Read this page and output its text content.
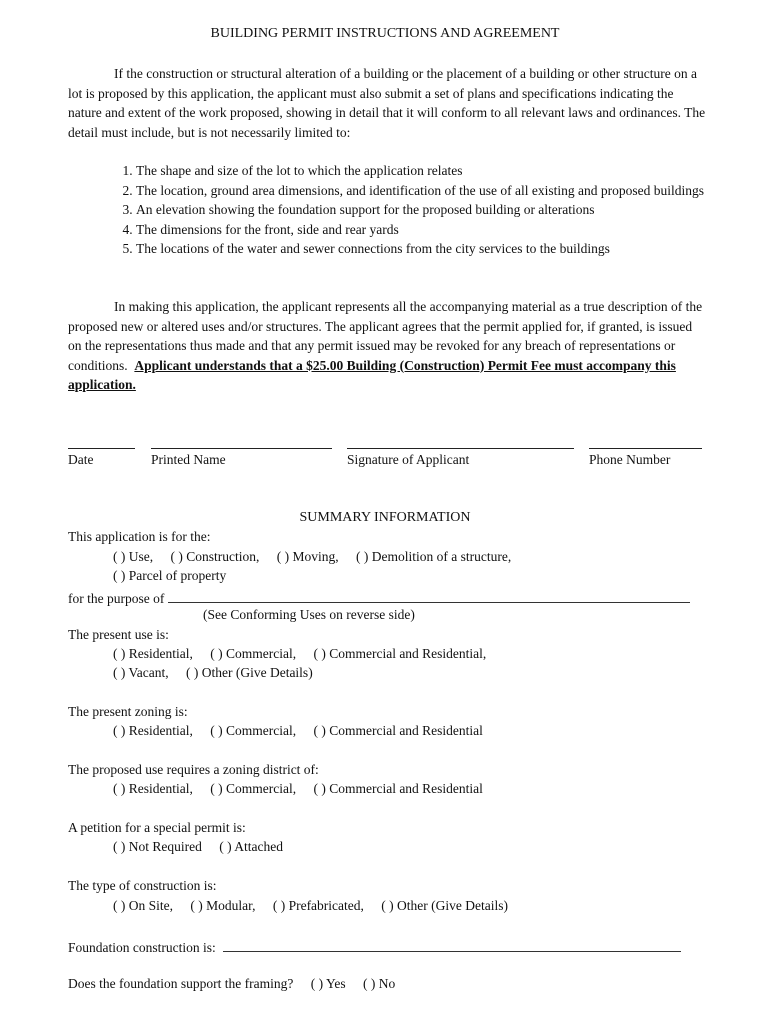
BUILDING PERMIT INSTRUCTIONS AND AGREEMENT

If the construction or structural alteration of a building or the placement of a building or other structure on a lot is proposed by this application, the applicant must also submit a set of plans and specifications indicating the nature and extent of the work proposed, showing in detail that it will conform to all relevant laws and ordinances. The detail must include, but is not necessarily limited to:

1. The shape and size of the lot to which the application relates
2. The location, ground area dimensions, and identification of the use of all existing and proposed buildings
3. An elevation showing the foundation support for the proposed building or alterations
4. The dimensions for the front, side and rear yards
5. The locations of the water and sewer connections from the city services to the buildings

In making this application, the applicant represents all the accompanying material as a true description of the proposed new or altered uses and/or structures. The applicant agrees that the permit applied for, if granted, is issued on the representations thus made and that any permit issued may be revoked for any breach of representations or conditions. Applicant understands that a $25.00 Building (Construction) Permit Fee must accompany this application.

Date	Printed Name	Signature of Applicant	Phone Number
SUMMARY INFORMATION
This application is for the:
( ) Use, ( ) Construction, ( ) Moving, ( ) Demolition of a structure,
( ) Parcel of property
for the purpose of
(See Conforming Uses on reverse side)
The present use is:
( ) Residential, ( ) Commercial, ( ) Commercial and Residential,
( ) Vacant, ( ) Other (Give Details)
The present zoning is:
( ) Residential, ( ) Commercial, ( ) Commercial and Residential
The proposed use requires a zoning district of:
( ) Residential, ( ) Commercial, ( ) Commercial and Residential
A petition for a special permit is:
( ) Not Required ( ) Attached
The type of construction is:
( ) On Site, ( ) Modular, ( ) Prefabricated, ( ) Other (Give Details)
Foundation construction is:
Does the foundation support the framing? ( ) Yes ( ) No
